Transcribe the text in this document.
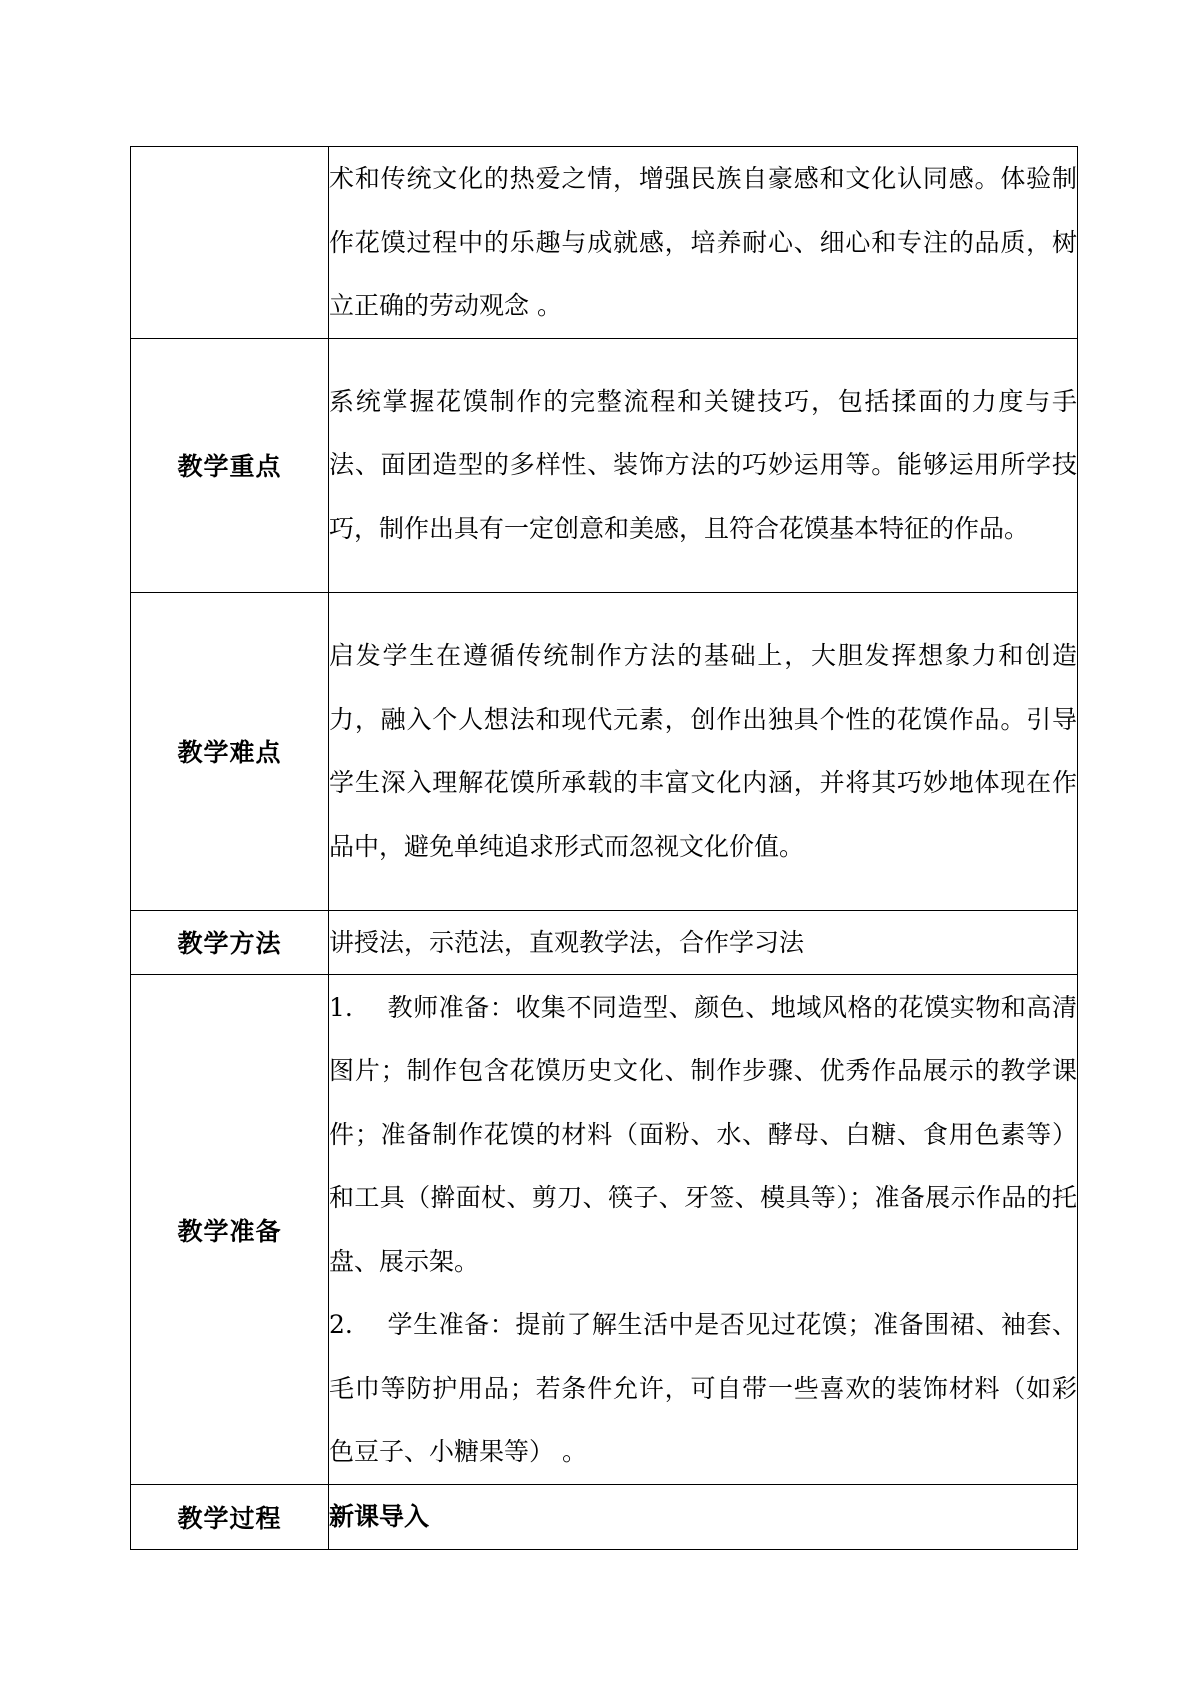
	术和传统文化的热爱之情，增强民族自豪感和文化认同感。体验制作花馍过程中的乐趣与成就感，培养耐心、细心和专注的品质，树立正确的劳动观念 。

教学重点	系统掌握花馍制作的完整流程和关键技巧，包括揉面的力度与手法、面团造型的多样性、装饰方法的巧妙运用等。能够运用所学技巧，制作出具有一定创意和美感，且符合花馍基本特征的作品。

教学难点	启发学生在遵循传统制作方法的基础上，大胆发挥想象力和创造力，融入个人想法和现代元素，创作出独具个性的花馍作品。引导学生深入理解花馍所承载的丰富文化内涵，并将其巧妙地体现在作品中，避免单纯追求形式而忽视文化价值。

教学方法	讲授法，示范法，直观教学法，合作学习法

教学准备	1. 教师准备：收集不同造型、颜色、地域风格的花馍实物和高清图片；制作包含花馍历史文化、制作步骤、优秀作品展示的教学课件；准备制作花馍的材料（面粉、水、酵母、白糖、食用色素等）和工具（擀面杖、剪刀、筷子、牙签、模具等）；准备展示作品的托盘、展示架。
2. 学生准备：提前了解生活中是否见过花馍；准备围裙、袖套、毛巾等防护用品；若条件允许，可自带一些喜欢的装饰材料（如彩色豆子、小糖果等） 。

教学过程	新课导入
